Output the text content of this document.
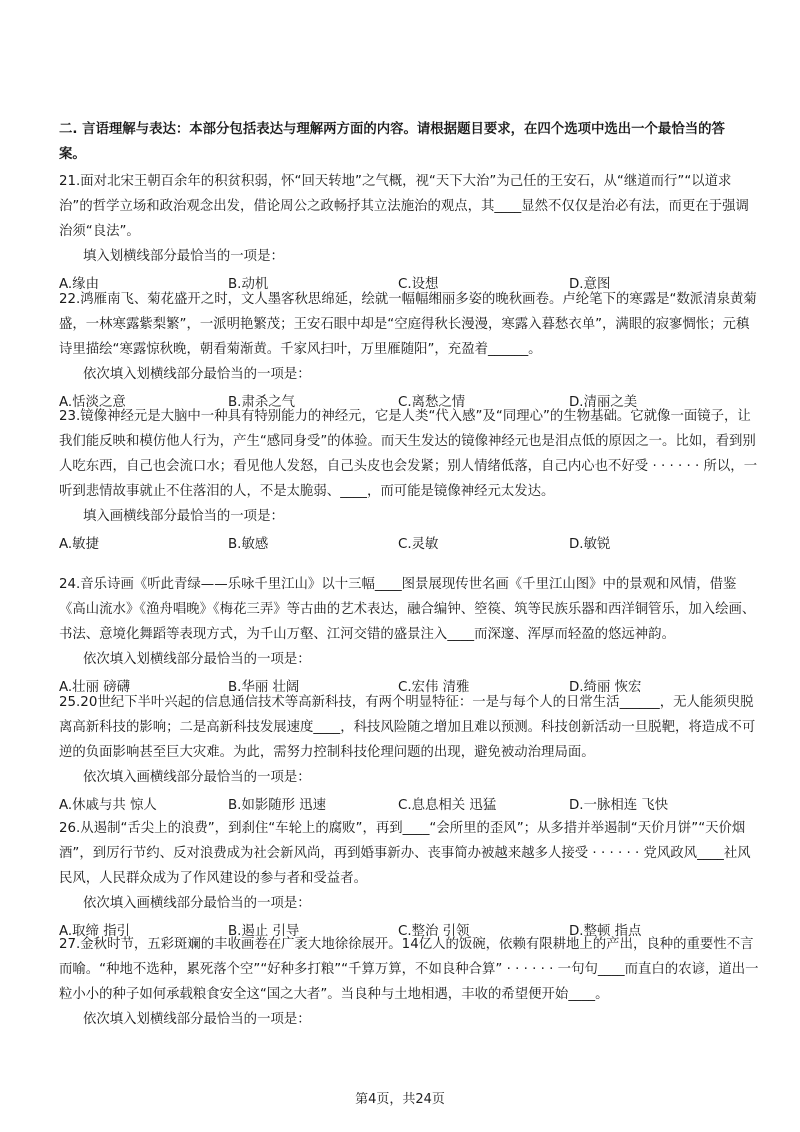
二. 言语理解与表达：本部分包括表达与理解两方面的内容。请根据题目要求，在四个选项中选出一个最恰当的答案。

21.面对北宋王朝百余年的积贫积弱，怀“回天转地”之气概，视“天下大治”为己任的王安石，从“继道而行”“以道求治”的哲学立场和政治观念出发，借论周公之政畅抒其立法施治的观点，其____显然不仅仅是治必有法，而更在于强调治须“良法”。

填入划横线部分最恰当的一项是：
A.缘由	B.动机	C.设想	D.意图

22.鸿雁南飞、菊花盛开之时，文人墨客秋思绵延，绘就一幅幅缃丽多姿的晚秋画卷。卢纶笔下的寒露是“数派清泉黄菊盛，一林寒露紫梨繁”，一派明艳繁茂；王安石眼中却是“空庭得秋长漫漫，寒露入暮愁衣单”，满眼的寂寥惆怅；元稹诗里描绘“寒露惊秋晚，朝看菊渐黄。千家风扫叶，万里雁随阳”，充盈着______。

依次填入划横线部分最恰当的一项是：
A.恬淡之意	B.肃杀之气	C.离愁之情	D.清丽之美

23.镜像神经元是大脑中一种具有特别能力的神经元，它是人类“代入感”及“同理心”的生物基础。它就像一面镜子，让我们能反映和模仿他人行为，产生“感同身受”的体验。而天生发达的镜像神经元也是泪点低的原因之一。比如，看到别人吃东西，自己也会流口水；看见他人发怒，自己头皮也会发紧；别人情绪低落，自己内心也不好受 · · · · · · 所以，一听到悲情故事就止不住落泪的人，不是太脆弱、____，而可能是镜像神经元太发达。

填入画横线部分最恰当的一项是：
A.敏捷	B.敏感	C.灵敏	D.敏锐

24.音乐诗画《听此青绿——乐咏千里江山》以十三幅____图景展现传世名画《千里江山图》中的景观和风情，借鉴《高山流水》《渔舟唱晚》《梅花三弄》等古曲的艺术表达，融合编钟、箜篌、筑等民族乐器和西洋铜管乐，加入绘画、书法、意境化舞蹈等表现方式，为千山万壑、江河交错的盛景注入____而深邃、浑厚而轻盈的悠远神韵。

依次填入划横线部分最恰当的一项是：
A.壮丽 磅礴	B.华丽 壮阔	C.宏伟 清雅	D.绮丽 恢宏

25.20世纪下半叶兴起的信息通信技术等高新科技，有两个明显特征：一是与每个人的日常生活______，无人能须臾脱离高新科技的影响；二是高新科技发展速度____，科技风险随之增加且难以预测。科技创新活动一旦脱靶，将造成不可逆的负面影响甚至巨大灾难。为此，需努力控制科技伦理问题的出现，避免被动治理局面。

依次填入画横线部分最恰当的一项是：
A.休戚与共 惊人	B.如影随形 迅速	C.息息相关 迅猛	D.一脉相连 飞快

26.从遏制“舌尖上的浪费”，到刹住“车轮上的腐败”，再到____“会所里的歪风”；从多措并举遏制“天价月饼”“天价烟酒”，到厉行节约、反对浪费成为社会新风尚，再到婚事新办、丧事简办被越来越多人接受 · · · · · · 党风政风____社风民风，人民群众成为了作风建设的参与者和受益者。

依次填入画横线部分最恰当的一项是：
A.取缔 指引	B.遏止 引导	C.整治 引领	D.整顿 指点

27.金秋时节，五彩斑斓的丰收画卷在广袤大地徐徐展开。14亿人的饭碗，依赖有限耕地上的产出，良种的重要性不言而喻。“种地不选种，累死落个空”“好种多打粮”“千算万算，不如良种合算” · · · · · · 一句句____而直白的农谚，道出一粒小小的种子如何承载粮食安全这“国之大者”。当良种与土地相遇，丰收的希望便开始____。

依次填入划横线部分最恰当的一项是：
第4页，共24页
